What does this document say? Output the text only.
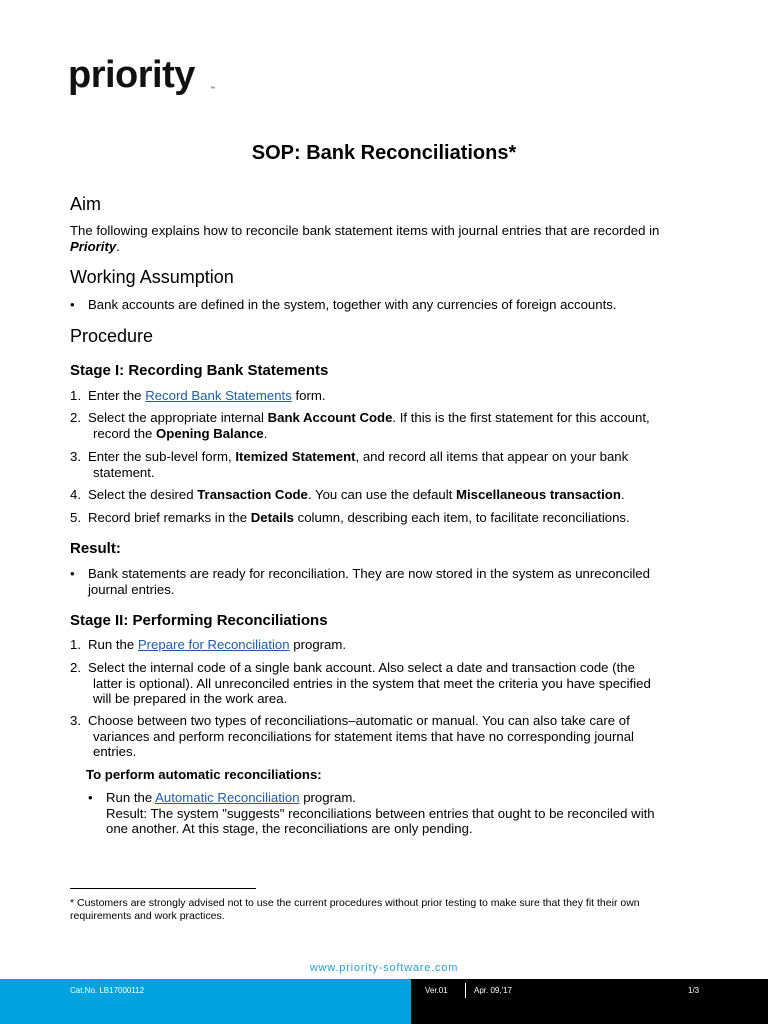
priority	™
SOP: Bank Reconciliations*
Aim
The following explains how to reconcile bank statement items with journal entries that are recorded in Priority.
Working Assumption
• Bank accounts are defined in the system, together with any currencies of foreign accounts.
Procedure
Stage I: Recording Bank Statements
1. Enter the Record Bank Statements form.
2. Select the appropriate internal Bank Account Code. If this is the first statement for this account,
record the Opening Balance.
3. Enter the sub-level form, Itemized Statement, and record all items that appear on your bank
statement.
4. Select the desired Transaction Code. You can use the default Miscellaneous transaction.
5. Record brief remarks in the Details column, describing each item, to facilitate reconciliations.
Result:
• Bank statements are ready for reconciliation. They are now stored in the system as unreconciled
journal entries.
Stage II: Performing Reconciliations
1. Run the Prepare for Reconciliation program.
2. Select the internal code of a single bank account. Also select a date and transaction code (the
latter is optional). All unreconciled entries in the system that meet the criteria you have specified
will be prepared in the work area.
3. Choose between two types of reconciliations–automatic or manual. You can also take care of
variances and perform reconciliations for statement items that have no corresponding journal
entries.
To perform automatic reconciliations:
• Run the Automatic Reconciliation program.
Result: The system "suggests" reconciliations between entries that ought to be reconciled with
one another. At this stage, the reconciliations are only pending.
* Customers are strongly advised not to use the current procedures without prior testing to make sure that they fit their own requirements and work practices.
www.priority-software.com
Cat.No. LB17000112	Ver.01	Apr. 09,'17	1/3
